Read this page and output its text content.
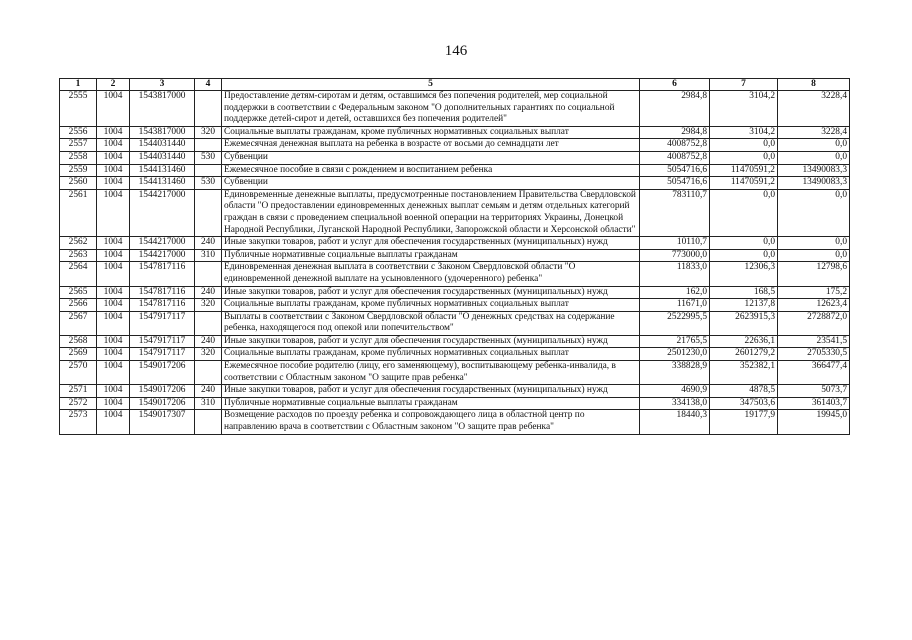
146
1	2	3	4	5	6	7	8
2555	1004	1543817000		Предоставление детям-сиротам и детям, оставшимся без попечения родителей, мер социальной поддержки в соответствии с Федеральным законом "О дополнительных гарантиях по социальной поддержке детей-сирот и детей, оставшихся без попечения родителей"	2984,8	3104,2	3228,4
2556	1004	1543817000	320	Социальные выплаты гражданам, кроме публичных нормативных социальных выплат	2984,8	3104,2	3228,4
2557	1004	1544031440		Ежемесячная денежная выплата на ребенка в возрасте от восьми до семнадцати лет	4008752,8	0,0	0,0
2558	1004	1544031440	530	Субвенции	4008752,8	0,0	0,0
2559	1004	1544131460		Ежемесячное пособие в связи с рождением и воспитанием ребенка	5054716,6	11470591,2	13490083,3
2560	1004	1544131460	530	Субвенции	5054716,6	11470591,2	13490083,3
2561	1004	1544217000		Единовременные денежные выплаты, предусмотренные постановлением Правительства Свердловской области "О предоставлении единовременных денежных выплат семьям и детям отдельных категорий граждан в связи с проведением специальной военной операции на территориях Украины, Донецкой Народной Республики, Луганской Народной Республики, Запорожской области и Херсонской области"	783110,7	0,0	0,0
2562	1004	1544217000	240	Иные закупки товаров, работ и услуг для обеспечения государственных (муниципальных) нужд	10110,7	0,0	0,0
2563	1004	1544217000	310	Публичные нормативные социальные выплаты гражданам	773000,0	0,0	0,0
2564	1004	1547817116		Единовременная денежная выплата в соответствии с Законом Свердловской области "О единовременной денежной выплате на усыновленного (удочеренного) ребенка"	11833,0	12306,3	12798,6
2565	1004	1547817116	240	Иные закупки товаров, работ и услуг для обеспечения государственных (муниципальных) нужд	162,0	168,5	175,2
2566	1004	1547817116	320	Социальные выплаты гражданам, кроме публичных нормативных социальных выплат	11671,0	12137,8	12623,4
2567	1004	1547917117		Выплаты в соответствии с Законом Свердловской области "О денежных средствах на содержание ребенка, находящегося под опекой или попечительством"	2522995,5	2623915,3	2728872,0
2568	1004	1547917117	240	Иные закупки товаров, работ и услуг для обеспечения государственных (муниципальных) нужд	21765,5	22636,1	23541,5
2569	1004	1547917117	320	Социальные выплаты гражданам, кроме публичных нормативных социальных выплат	2501230,0	2601279,2	2705330,5
2570	1004	1549017206		Ежемесячное пособие родителю (лицу, его заменяющему), воспитывающему ребенка-инвалида, в соответствии с Областным законом "О защите прав ребенка"	338828,9	352382,1	366477,4
2571	1004	1549017206	240	Иные закупки товаров, работ и услуг для обеспечения государственных (муниципальных) нужд	4690,9	4878,5	5073,7
2572	1004	1549017206	310	Публичные нормативные социальные выплаты гражданам	334138,0	347503,6	361403,7
2573	1004	1549017307		Возмещение расходов по проезду ребенка и сопровождающего лица в областной центр по направлению врача в соответствии с Областным законом "О защите прав ребенка"	18440,3	19177,9	19945,0
